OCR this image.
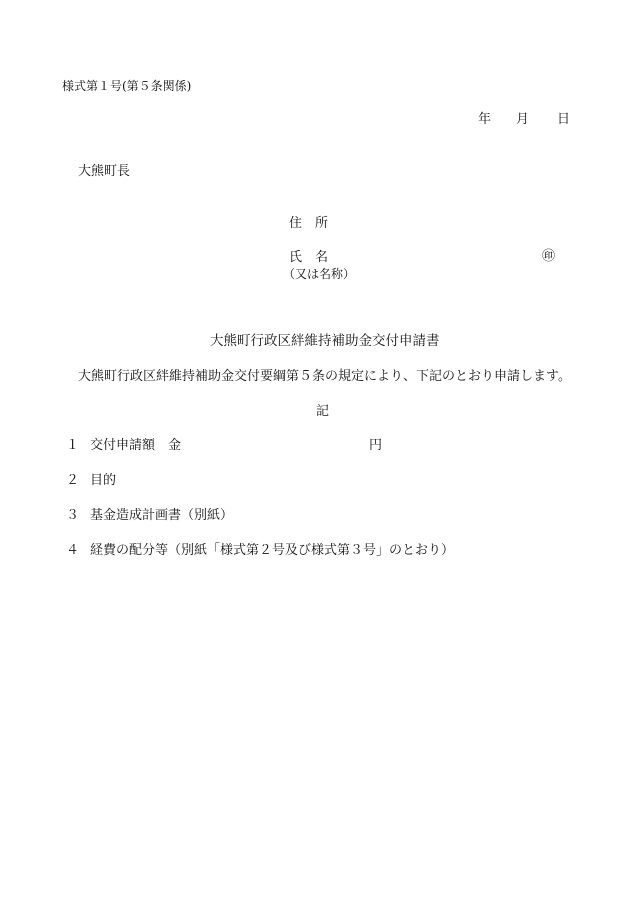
様式第１号(第５条関係)
年 月 日
大熊町長
住　所
氏　名	㊞
（又は名称）
大熊町行政区絆維持補助金交付申請書
大熊町行政区絆維持補助金交付要綱第５条の規定により、下記のとおり申請します。
記
１ 交付申請額　金	円
２ 目的
３ 基金造成計画書（別紙）
４ 経費の配分等（別紙「様式第２号及び様式第３号」のとおり）
